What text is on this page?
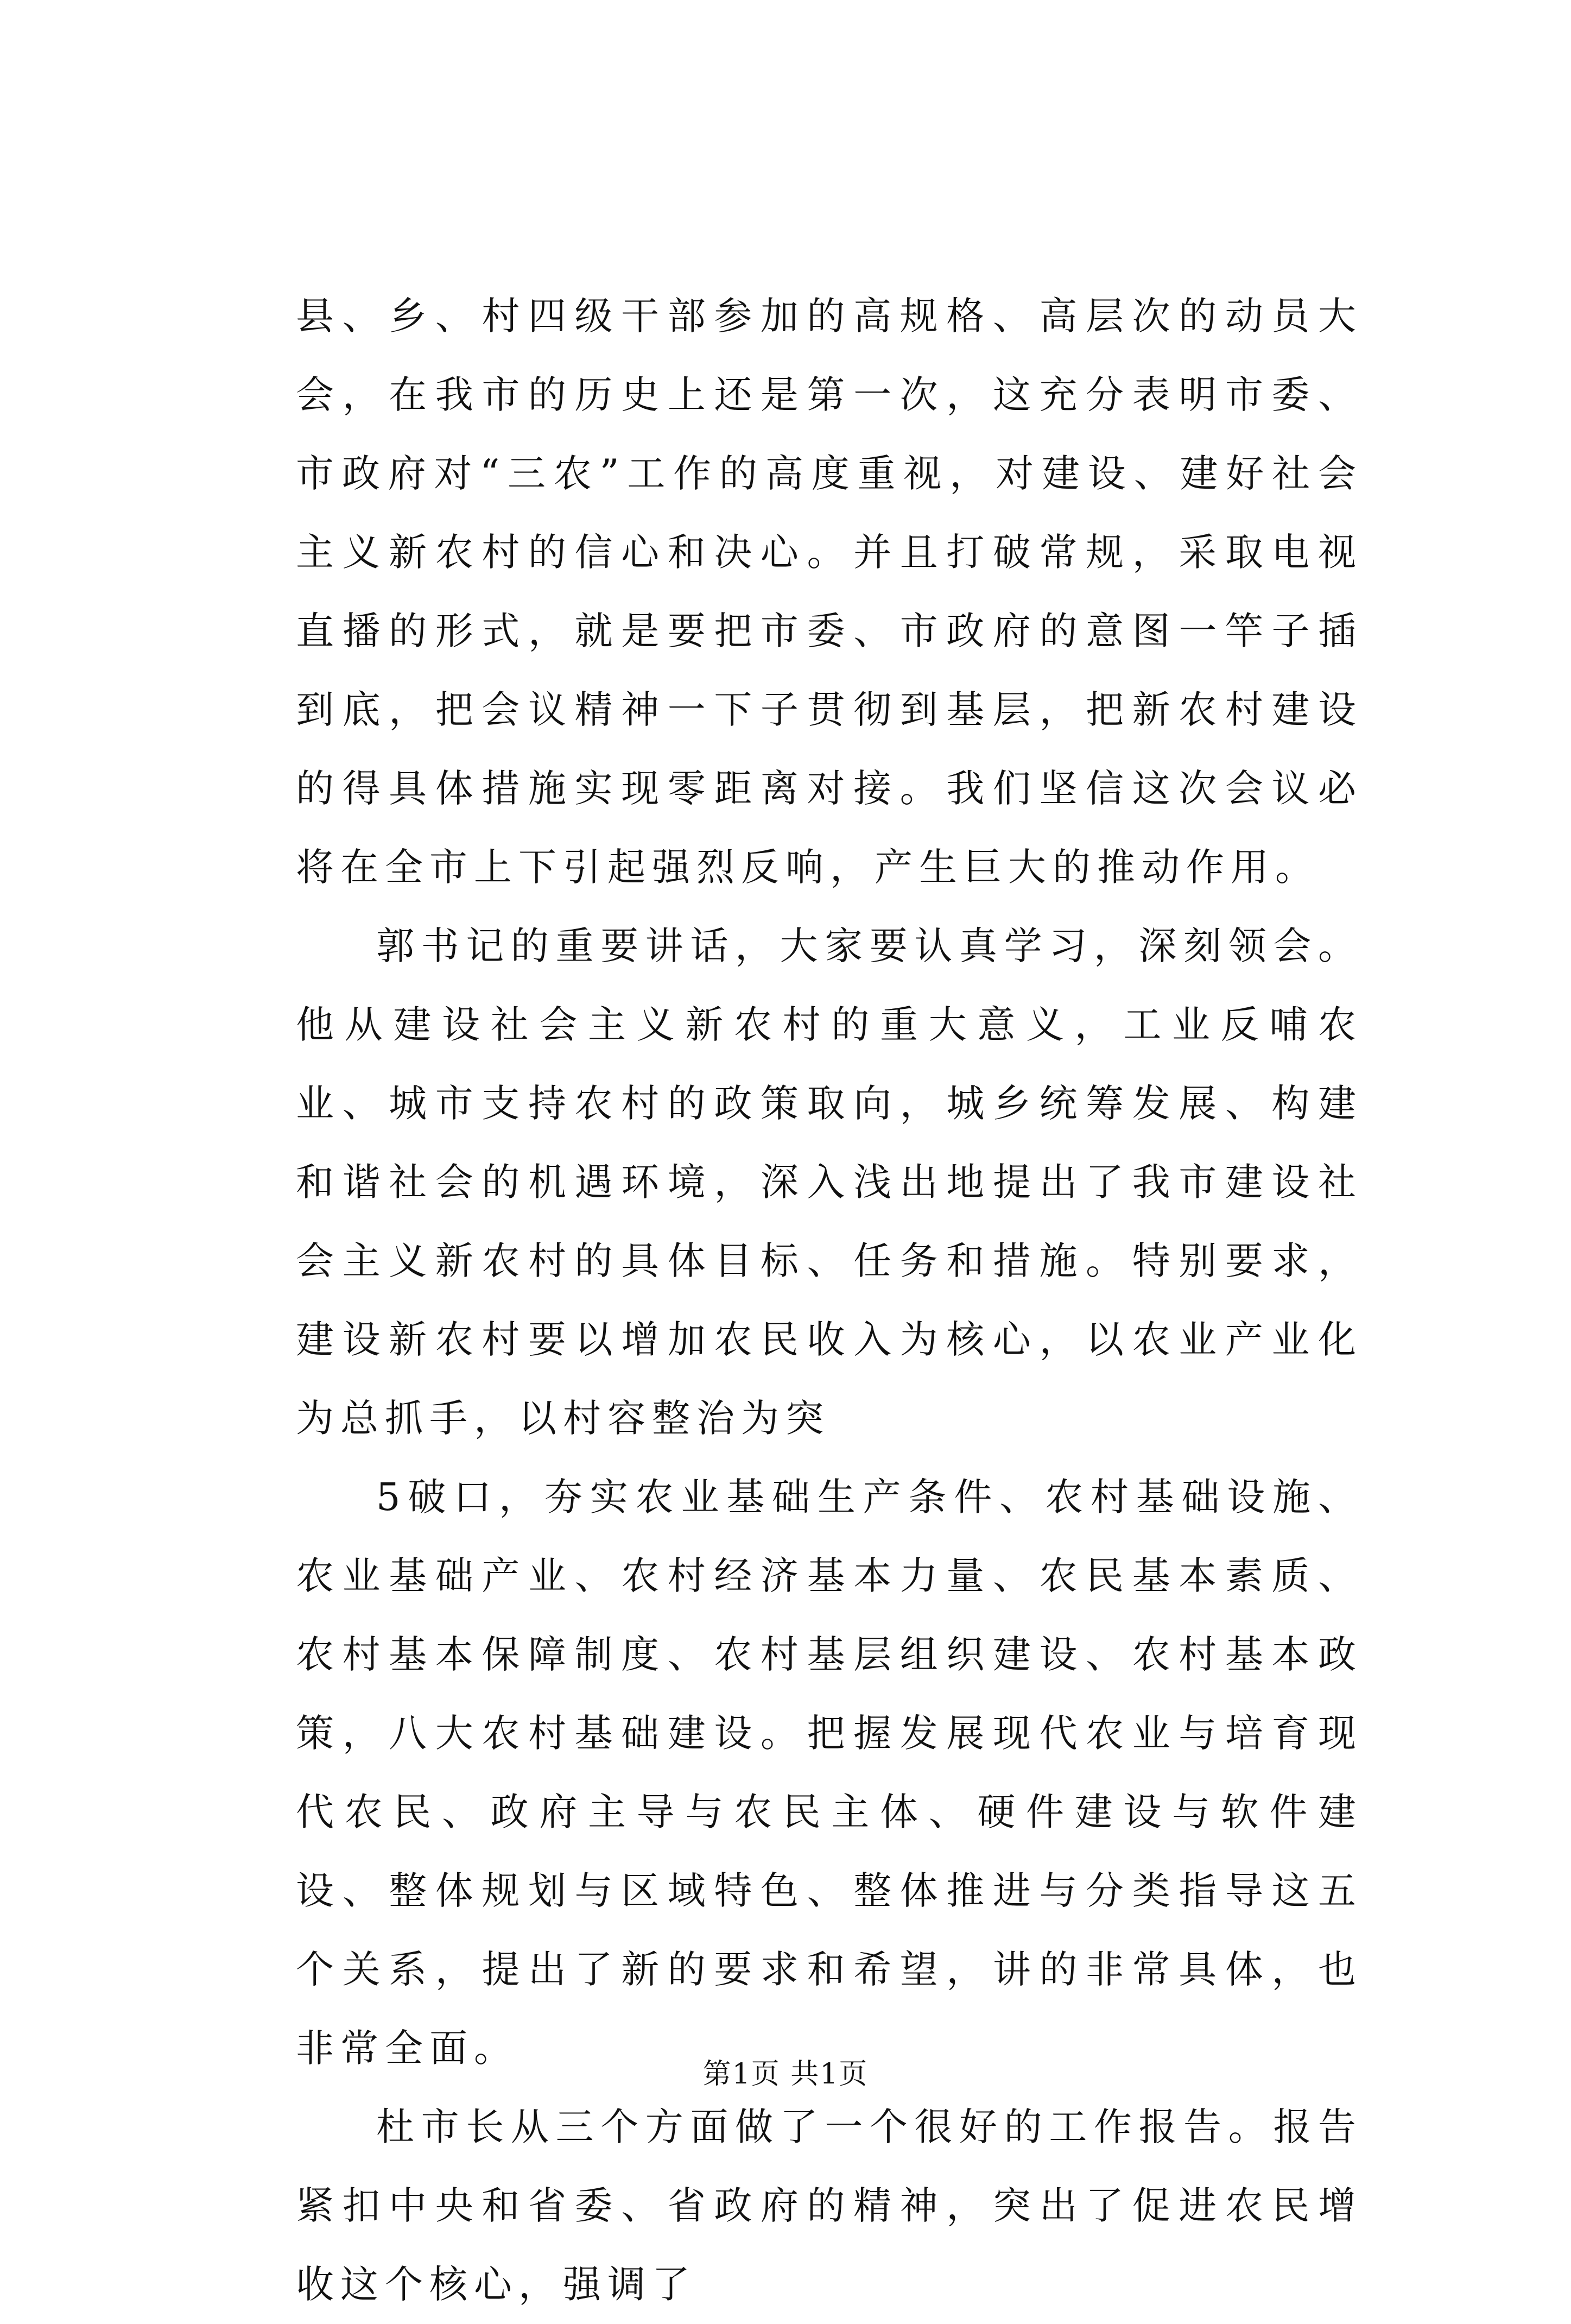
县、乡、村四级干部参加的高规格、高层次的动员大会，在我市的历史上还是第一次，这充分表明市委、市政府对“三农”工作的高度重视，对建设、建好社会主义新农村的信心和决心。并且打破常规，采取电视直播的形式，就是要把市委、市政府的意图一竿子插到底，把会议精神一下子贯彻到基层，把新农村建设的得具体措施实现零距离对接。我们坚信这次会议必将在全市上下引起强烈反响，产生巨大的推动作用。

郭书记的重要讲话，大家要认真学习，深刻领会。他从建设社会主义新农村的重大意义，工业反哺农业、城市支持农村的政策取向，城乡统筹发展、构建和谐社会的机遇环境，深入浅出地提出了我市建设社会主义新农村的具体目标、任务和措施。特别要求，建设新农村要以增加农民收入为核心，以农业产业化为总抓手，以村容整治为突

5破口，夯实农业基础生产条件、农村基础设施、农业基础产业、农村经济基本力量、农民基本素质、农村基本保障制度、农村基层组织建设、农村基本政策，八大农村基础建设。把握发展现代农业与培育现代农民、政府主导与农民主体、硬件建设与软件建设、整体规划与区域特色、整体推进与分类指导这五个关系，提出了新的要求和希望，讲的非常具体，也非常全面。

杜市长从三个方面做了一个很好的工作报告。报告紧扣中央和省委、省政府的精神，突出了促进农民增收这个核心，强调了

第1页 共1页
